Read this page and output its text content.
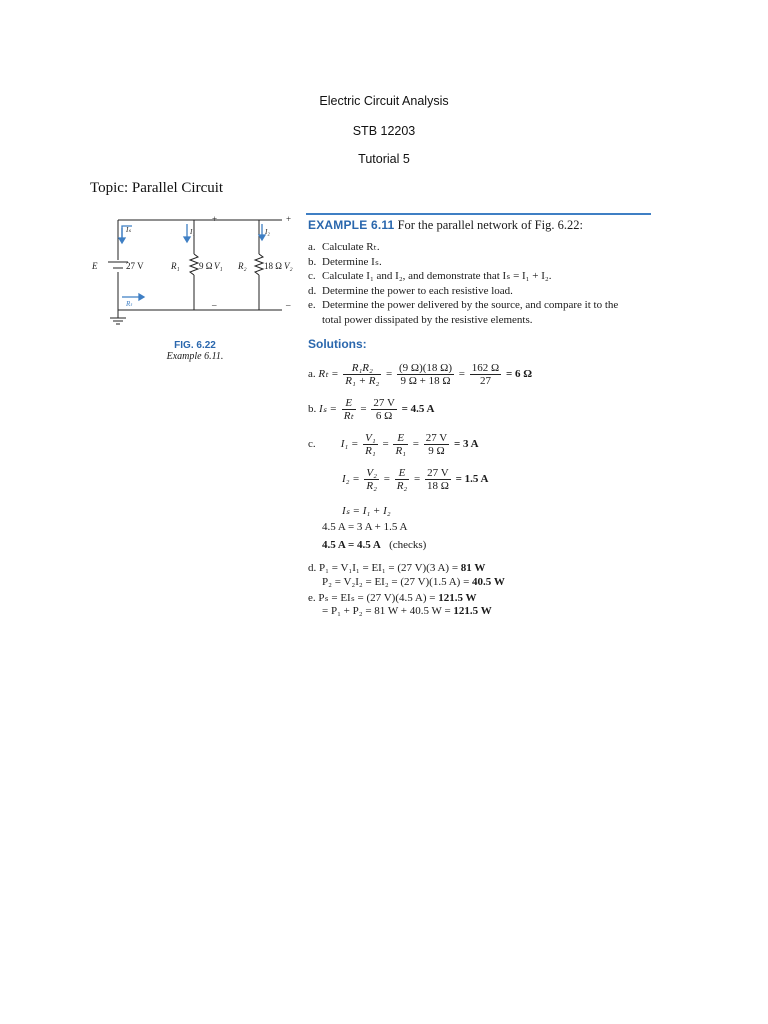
Electric Circuit Analysis
STB 12203
Tutorial 5
Topic: Parallel Circuit
E	27 V	R₁ 9 Ω V₁ R₂ 18 Ω V₂
Iₛ	I₁	I₂
Rₜ
+	+
–	–
FIG. 6.22
Example 6.11.
EXAMPLE 6.11 For the parallel network of Fig. 6.22:
a. Calculate Rₜ.
b. Determine Iₛ.
c. Calculate I₁ and I₂, and demonstrate that Iₛ = I₁ + I₂.
d. Determine the power to each resistive load.
e. Determine the power delivered by the source, and compare it to the
total power dissipated by the resistive elements.
Solutions:
a. $R_t = \frac{\text{R₁R₂}}{\text{R₁ + R₂}} = \frac{(9 \Omega)(18 \Omega)}{9 \Omega + 18 \Omega} = \frac{162 \Omega}{27} = 6$ Ω
b. $I_s = \frac{E}{\text{Rₜ}} = \frac{27 V}{6 \Omega} = 4.5$ A
c. $I_1 = \frac{\text{V₁}}{\text{R₁}} = \frac{E}{\text{R₁}} = \frac{27 V}{9 \Omega} = 3$ A
$I_2 = \frac{\text{V₂}}{\text{R₂}} = \frac{E}{\text{R₂}} = \frac{27 V}{18 \Omega} = 1.5$ A
Iₛ = I₁ + I₂
4.5 A = 3 A + 1.5 A
4.5 A = 4.5 A (checks)
d. P₁ = V₁I₁ = EI₁ = (27 V)(3 A) = 81 W
P₂ = V₂I₂ = EI₂ = (27 V)(1.5 A) = 40.5 W
e. Pₛ = EIₛ = (27 V)(4.5 A) = 121.5 W
= P₁ + P₂ = 81 W + 40.5 W = 121.5 W
